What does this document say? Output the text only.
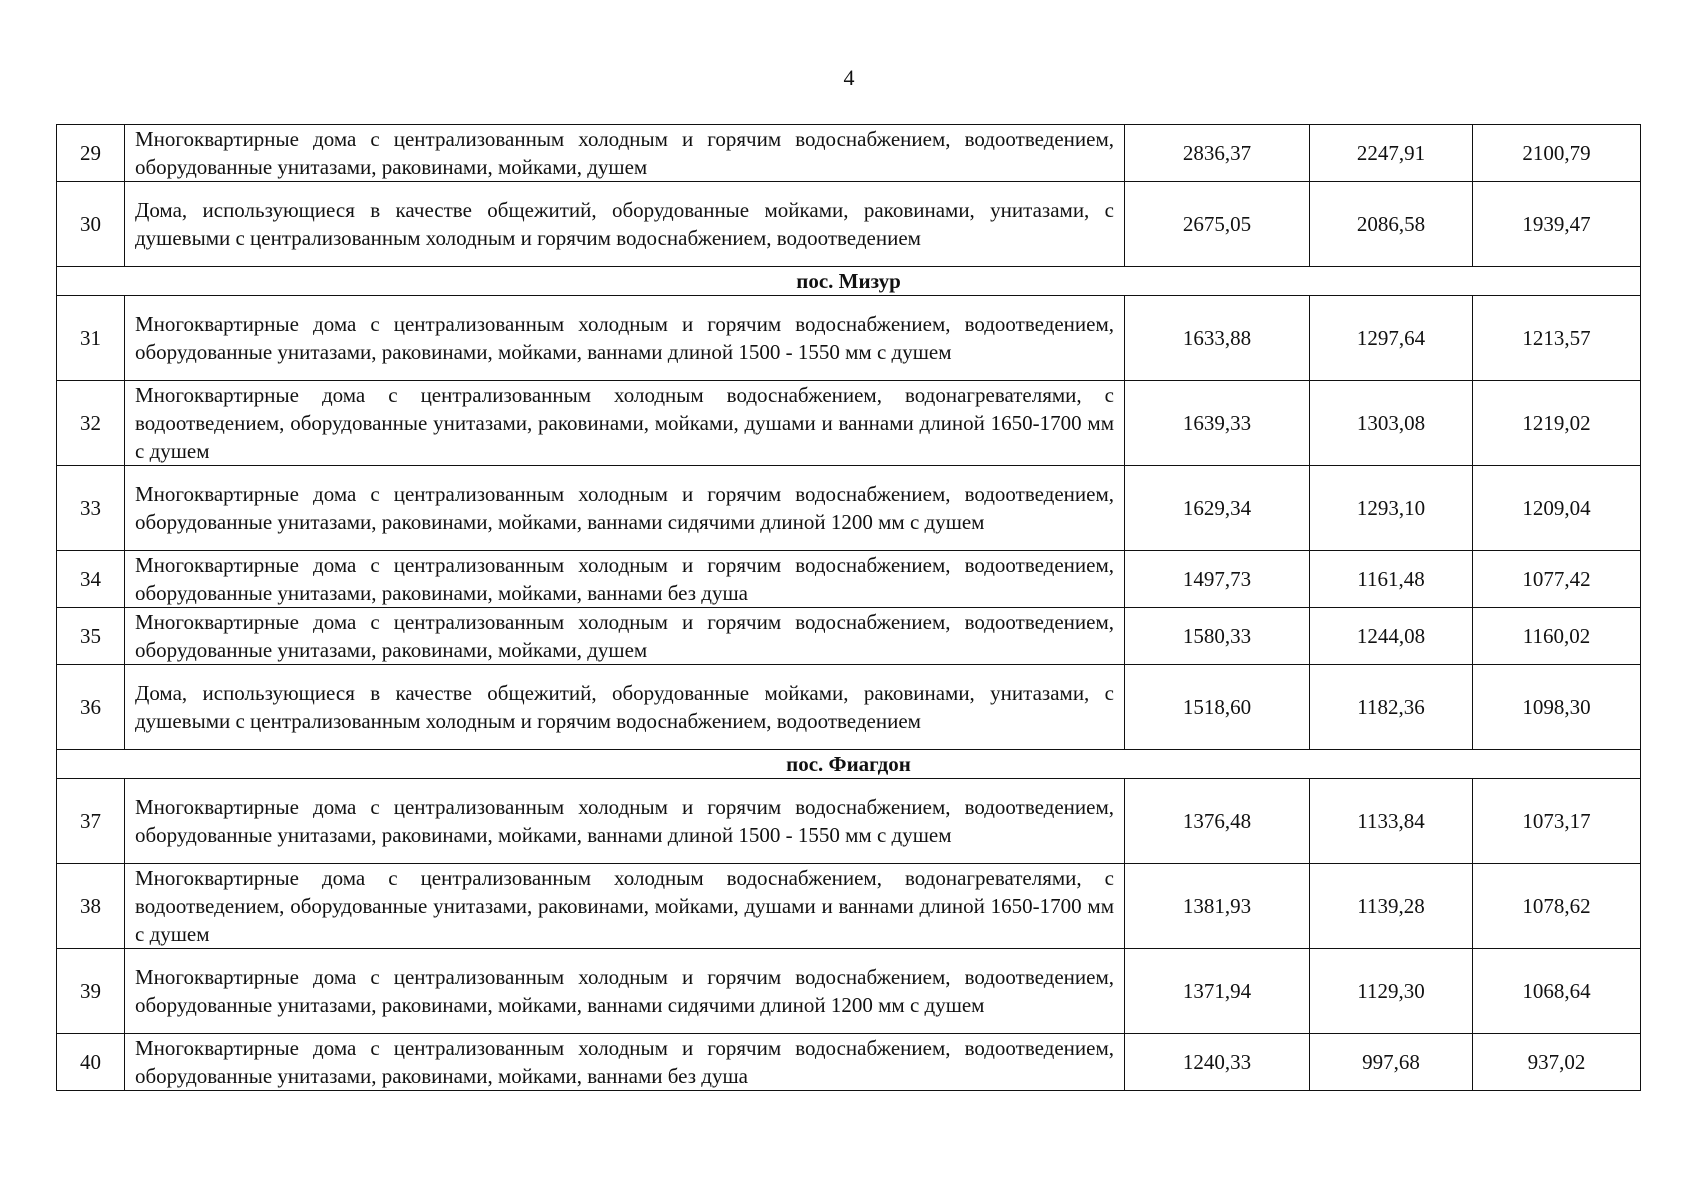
4
29	Многоквартирные дома с централизованным холодным и горячим водоснабжением, водоотведением, оборудованные унитазами, раковинами, мойками, душем	2836,37	2247,91	2100,79
30	Дома, использующиеся в качестве общежитий, оборудованные мойками, раковинами, унитазами, с душевыми с централизованным холодным и горячим водоснабжением, водоотведением	2675,05	2086,58	1939,47
пос. Мизур				
31	Многоквартирные дома с централизованным холодным и горячим водоснабжением, водоотведением, оборудованные унитазами, раковинами, мойками, ваннами длиной 1500 - 1550 мм с душем	1633,88	1297,64	1213,57
32	Многоквартирные дома с централизованным холодным водоснабжением, водонагревателями, с водоотведением, оборудованные унитазами, раковинами, мойками, душами и ваннами длиной 1650-1700 мм с душем	1639,33	1303,08	1219,02
33	Многоквартирные дома с централизованным холодным и горячим водоснабжением, водоотведением, оборудованные унитазами, раковинами, мойками, ваннами сидячими длиной 1200 мм с душем	1629,34	1293,10	1209,04
34	Многоквартирные дома с централизованным холодным и горячим водоснабжением, водоотведением, оборудованные унитазами, раковинами, мойками, ваннами без душа	1497,73	1161,48	1077,42
35	Многоквартирные дома с централизованным холодным и горячим водоснабжением, водоотведением, оборудованные унитазами, раковинами, мойками, душем	1580,33	1244,08	1160,02
36	Дома, использующиеся в качестве общежитий, оборудованные мойками, раковинами, унитазами, с душевыми с централизованным холодным и горячим водоснабжением, водоотведением	1518,60	1182,36	1098,30
пос. Фиагдон				
37	Многоквартирные дома с централизованным холодным и горячим водоснабжением, водоотведением, оборудованные унитазами, раковинами, мойками, ваннами длиной 1500 - 1550 мм с душем	1376,48	1133,84	1073,17
38	Многоквартирные дома с централизованным холодным водоснабжением, водонагревателями, с водоотведением, оборудованные унитазами, раковинами, мойками, душами и ваннами длиной 1650-1700 мм с душем	1381,93	1139,28	1078,62
39	Многоквартирные дома с централизованным холодным и горячим водоснабжением, водоотведением, оборудованные унитазами, раковинами, мойками, ваннами сидячими длиной 1200 мм с душем	1371,94	1129,30	1068,64
40	Многоквартирные дома с централизованным холодным и горячим водоснабжением, водоотведением, оборудованные унитазами, раковинами, мойками, ваннами без душа	1240,33	997,68	937,02
